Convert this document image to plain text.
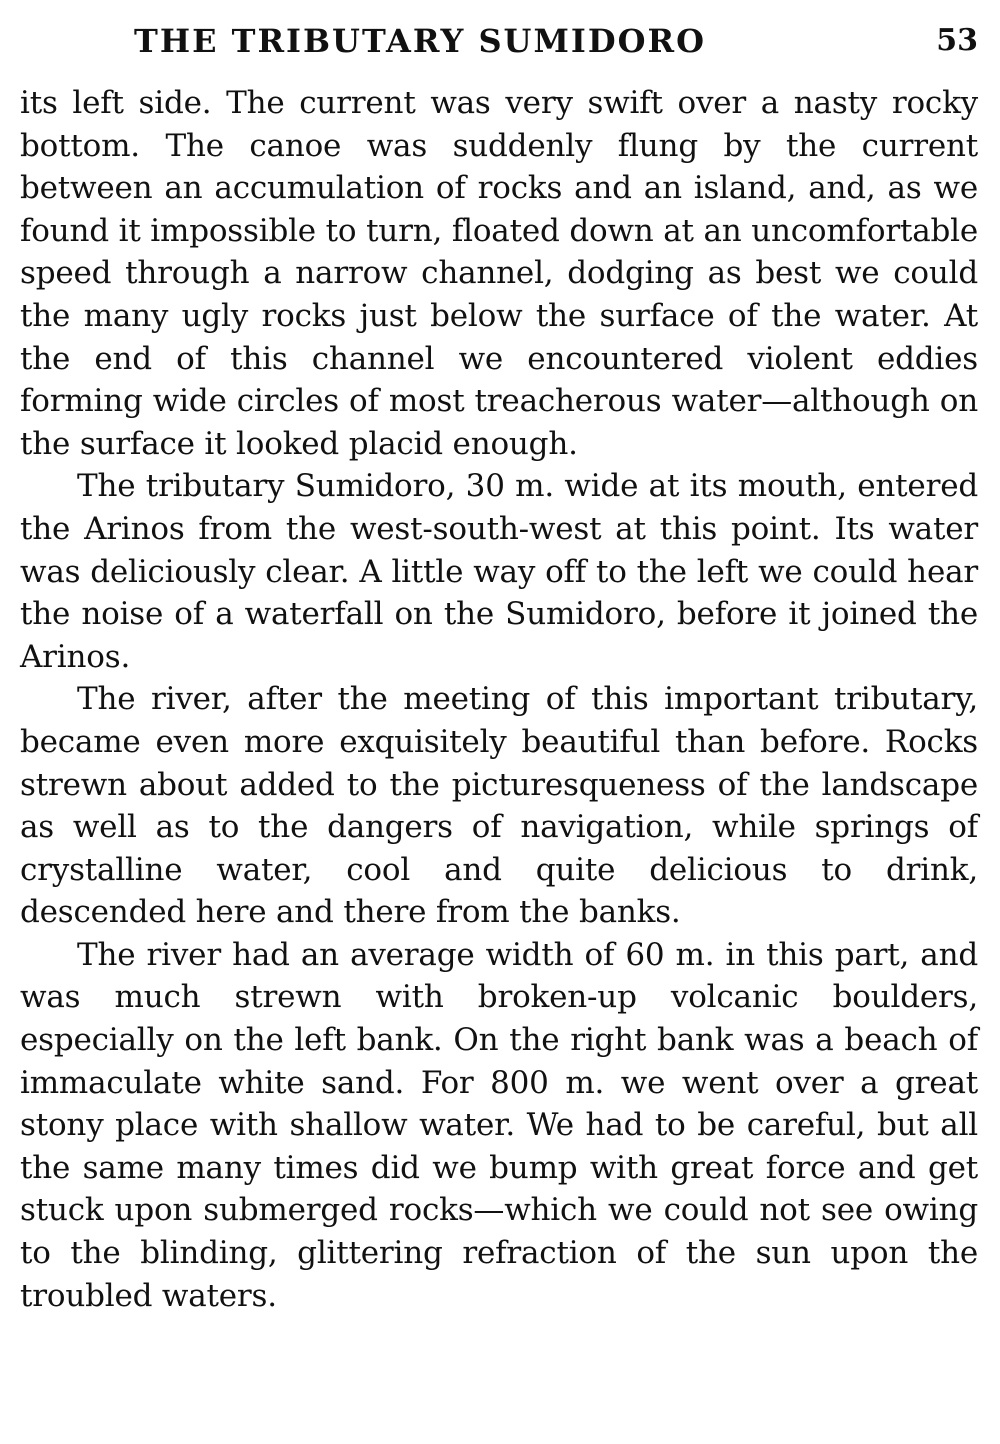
THE TRIBUTARY SUMIDORO	53

its left side. The current was very swift over a nasty rocky bottom. The canoe was suddenly flung by the current between an accumulation of rocks and an island, and, as we found it impossible to turn, floated down at an uncomfortable speed through a narrow channel, dodging as best we could the many ugly rocks just below the surface of the water. At the end of this channel we encountered violent eddies forming wide circles of most treacherous water—although on the surface it looked placid enough.

The tributary Sumidoro, 30 m. wide at its mouth, entered the Arinos from the west-south-west at this point. Its water was deliciously clear. A little way off to the left we could hear the noise of a waterfall on the Sumidoro, before it joined the Arinos.

The river, after the meeting of this important tributary, became even more exquisitely beautiful than before. Rocks strewn about added to the picturesqueness of the landscape as well as to the dangers of navigation, while springs of crystalline water, cool and quite delicious to drink, descended here and there from the banks.

The river had an average width of 60 m. in this part, and was much strewn with broken-up volcanic boulders, especially on the left bank. On the right bank was a beach of immaculate white sand. For 800 m. we went over a great stony place with shallow water. We had to be careful, but all the same many times did we bump with great force and get stuck upon submerged rocks—which we could not see owing to the blinding, glittering refraction of the sun upon the troubled waters.
